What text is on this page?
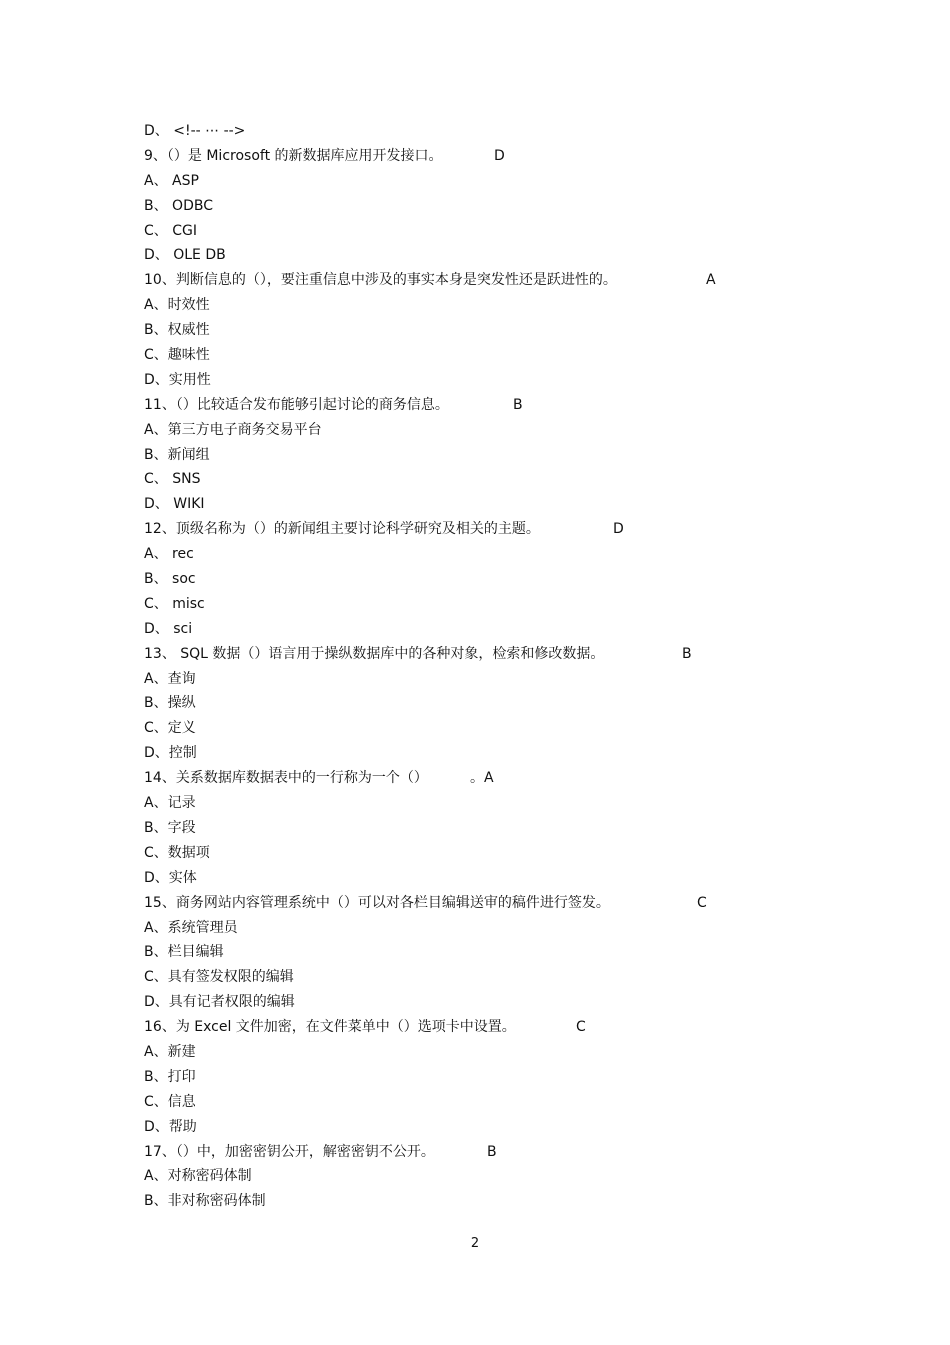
D、 <!-- ⋯ -->
9、（）是 Microsoft 的新数据库应用开发接口。	D
A、 ASP
B、 ODBC
C、 CGI
D、 OLE DB
10、判断信息的（），要注重信息中涉及的事实本身是突发性还是跃进性的。	A
A、时效性
B、权威性
C、趣味性
D、实用性
11、（）比较适合发布能够引起讨论的商务信息。	B
A、第三方电子商务交易平台
B、新闻组
C、 SNS
D、 WIKI
12、顶级名称为（）的新闻组主要讨论科学研究及相关的主题。	D
A、 rec
B、 soc
C、 misc
D、 sci
13、 SQL 数据（）语言用于操纵数据库中的各种对象，检索和修改数据。	B
A、查询
B、操纵
C、定义
D、控制
14、关系数据库数据表中的一行称为一个（）	。A
A、记录
B、字段
C、数据项
D、实体
15、商务网站内容管理系统中（）可以对各栏目编辑送审的稿件进行签发。	C
A、系统管理员
B、栏目编辑
C、具有签发权限的编辑
D、具有记者权限的编辑
16、为 Excel 文件加密，在文件菜单中（）选项卡中设置。	C
A、新建
B、打印
C、信息
D、帮助
17、（）中，加密密钥公开，解密密钥不公开。	B
A、对称密码体制
B、非对称密码体制
2
